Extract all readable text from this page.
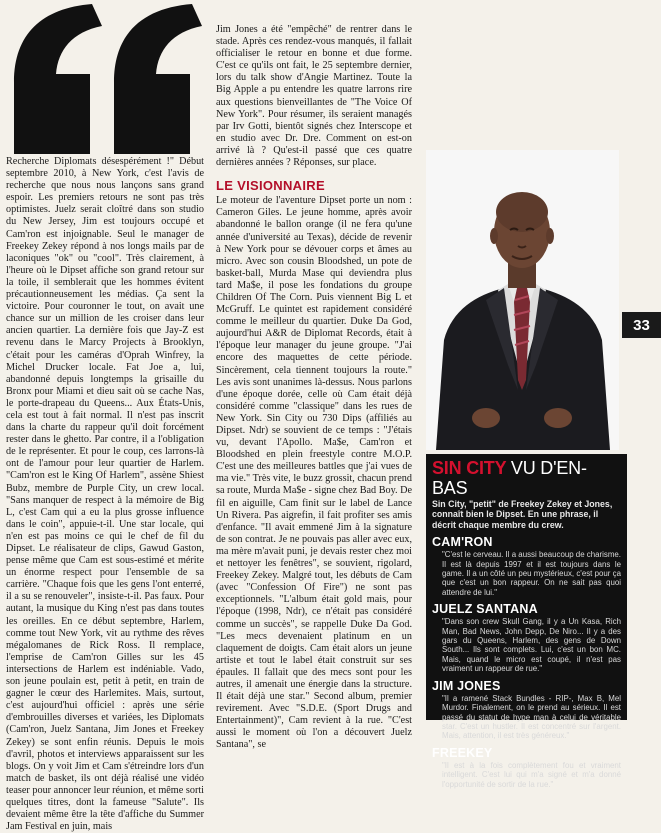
Recherche Diplomats désespérément !" Début septembre 2010, à New York, c'est l'avis de recherche que nous nous lançons sans grand espoir. Les premiers retours ne sont pas très optimistes. Juelz serait cloîtré dans son studio du New Jersey, Jim est toujours occupé et Cam'ron est injoignable. Seul le manager de Freekey Zekey répond à nos longs mails par de laconiques "ok" ou "cool". Très clairement, à l'heure où le Dipset affiche son grand retour sur la toile, il semblerait que les hommes évitent précautionneusement les médias. Ça sent la victoire. Pour couronner le tout, on avait une chance sur un million de les croiser dans leur ancien quartier. La dernière fois que Jay-Z est revenu dans le Marcy Projects à Brooklyn, c'était pour les caméras d'Oprah Winfrey, la Michel Drucker locale. Fat Joe a, lui, abandonné depuis longtemps la grisaille du Bronx pour Miami et dieu sait où se cache Nas, le porte-drapeau du Queens... Aux États-Unis, cela est tout à fait normal. Il n'est pas inscrit dans la charte du rappeur qu'il doit forcément rester dans le ghetto. Par contre, il a l'obligation de le représenter. Et pour le coup, ces larrons-là ont de l'amour pour leur quartier de Harlem. "Cam'ron est le King Of Harlem", assène Shiest Bubz, membre de Purple City, un crew local. "Sans manquer de respect à la mémoire de Big L, c'est Cam qui a eu la plus grosse influence dans le coin", appuie-t-il. Une star locale, qui n'en est pas moins ce qui le chef de fil du Dipset. Le réalisateur de clips, Gawud Gaston, pense même que Cam est sous-estimé et mérite un énorme respect pour l'ensemble de sa carrière. "Chaque fois que les gens l'ont enterré, il a su se renouveler", insiste-t-il. Pas faux. Pour autant, la musique du King n'est pas dans toutes les oreilles. En ce début septembre, Harlem, comme tout New York, vit au rythme des rêves mégalomanes de Rick Ross. Il remplace, l'emprise de Cam'ron Gilles sur les 45 intersections de Harlem est indéniable. Vado, son jeune poulain est, petit à petit, en train de gagner le cœur des Harlemites. Mais, surtout, c'est aujourd'hui officiel : après une série d'embrouilles diverses et variées, les Diplomats (Cam'ron, Juelz Santana, Jim Jones et Freekey Zekey) se sont enfin réunis. Depuis le mois d'avril, photos et interviews apparaissent sur les blogs. On y voit Jim et Cam s'étreindre lors d'un match de basket, ils ont déjà réalisé une vidéo teaser pour annoncer leur réunion, et même sorti quelques titres, dont la fameuse "Salute". Ils devaient même être la tête d'affiche du Summer Jam Festival en juin, mais

Jim Jones a été "empêché" de rentrer dans le stade. Après ces rendez-vous manqués, il fallait officialiser le retour en bonne et due forme. C'est ce qu'ils ont fait, le 25 septembre dernier, lors du talk show d'Angie Martinez. Toute la Big Apple a pu entendre les quatre larrons rire aux questions bienveillantes de "The Voice Of New York". Pour résumer, ils seraient managés par Irv Gotti, bientôt signés chez Interscope et en studio avec Dr. Dre. Comment on est-on arrivé là ? Qu'est-il passé que ces quatre dernières années ? Réponses, sur place.

LE VISIONNAIRE

Le moteur de l'aventure Dipset porte un nom : Cameron Giles. Le jeune homme, après avoir abandonné le ballon orange (il ne fera qu'une année d'université au Texas), décide de revenir à New York pour se dévouer corps et âmes au micro. Avec son cousin Bloodshed, un pote de basket-ball, Murda Mase qui deviendra plus tard Ma$e, il pose les fondations du groupe Children Of The Corn. Puis viennent Big L et McGruff. Le quintet est rapidement considéré comme le meilleur du quartier. Duke Da God, aujourd'hui A&R de Diplomat Records, était à l'époque leur manager du jeune groupe. "J'ai encore des maquettes de cette période. Sincèrement, cela tiennent toujours la route." Les avis sont unanimes là-dessus. Nous parlons d'une époque dorée, celle où Cam était déjà considéré comme "classique" dans les rues de New York. Sin City ou 730 Dips (affiliés au Dipset. Ndr) se souvient de ce temps : "J'étais vu, devant l'Apollo. Ma$e, Cam'ron et Bloodshed en plein freestyle contre M.O.P. C'est une des meilleures battles que j'ai vues de ma vie." Très vite, le buzz grossit, chacun prend sa route, Murda Ma$e - signe chez Bad Boy. De fil en aiguille, Cam finit sur le label de Lance Un Rivera. Pas aigrefin, il fait profiter ses amis d'enfance. "Il avait emmené Jim à la signature de son contrat. Je ne pouvais pas aller avec eux, ma mère m'avait puni, je devais rester chez moi et nettoyer les fenêtres", se souvient, rigolard, Freekey Zekey. Malgré tout, les débuts de Cam (avec "Confession Of Fire") ne sont pas exceptionnels. "L'album était gold mais, pour l'époque (1998, Ndr), ce n'était pas considéré comme un succès", se rappelle Duke Da God. "Les mecs devenaient platinum en un claquement de doigts. Cam était alors un jeune artiste et tout le label était construit sur ses épaules. Il fallait que des mecs sont pour les autres, il amenait une énergie dans la structure. Il était déjà une star." Second album, premier revirement. Avec "S.D.E. (Sport Drugs and Entertainment)", Cam revient à la rue. "C'est aussi le moment où l'on a découvert Juelz Santana", se

33
SIN CITY VU D'EN-BAS
Sin City, "petit" de Freekey Zekey et Jones, connaît bien le Dipset. En une phrase, il décrit chaque membre du crew.
CAM'RON

"C'est le cerveau. Il a aussi beaucoup de charisme. Il est là depuis 1997 et il est toujours dans le game. Il a un côté un peu mystérieux, c'est pour ça que c'est un bon rappeur. On ne sait pas quoi attendre de lui."

JUELZ SANTANA

"Dans son crew Skull Gang, il y a Un Kasa, Rich Man, Bad News, John Depp, De Niro... Il y a des gars du Queens, Harlem, des gens de Down South... Ils sont complets. Lui, c'est un bon MC. Mais, quand le micro est coupé, il n'est pas vraiment un rappeur de rue."

JIM JONES

"Il a ramené Stack Bundles - RIP-, Max B, Mel Murdor. Finalement, on le prend au sérieux. Il est passé du statut de hype man à celui de véritable star. C'est un hustler. Il est concentré sur l'argent. Mais, attention, il est très généreux."

FREEKEY

"Il est à la fois complètement fou et vraiment intelligent. C'est lui qui m'a signé et m'a donné l'opportunité de sortir de la rue."
